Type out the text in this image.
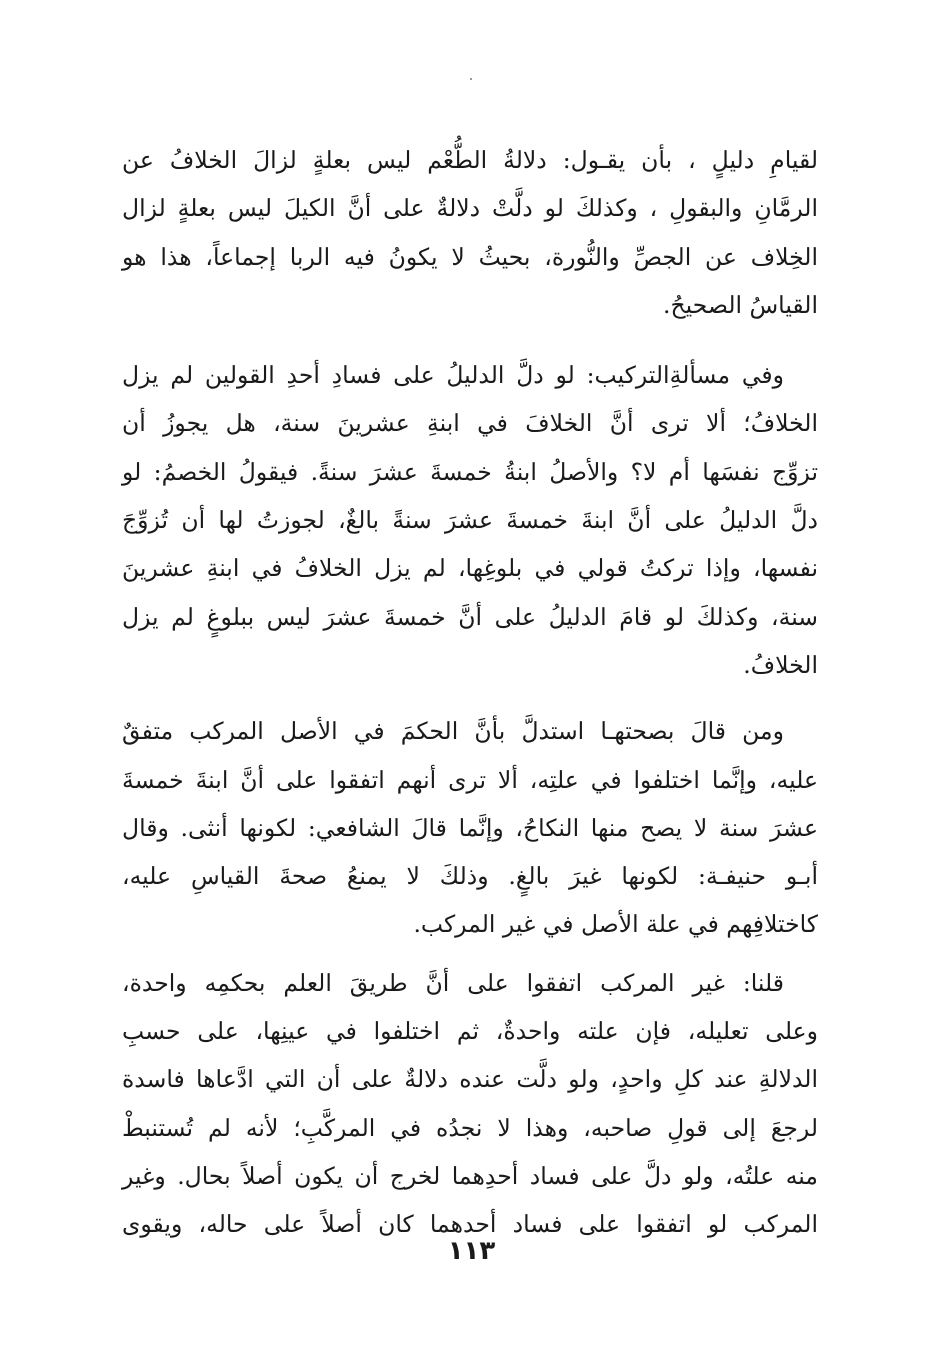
لقيامِ دليلٍ ، بأن يقـول: دلالةُ الطُّعْم ليس بعلةٍ لزالَ الخلافُ عن
الرمَّانِ والبقولِ ، وكذلكَ لو دلَّتْ دلالةٌ على أنَّ الكيلَ ليس بعلةٍ لزال
الخِلاف عن الجصِّ والنُّورة، بحيثُ لا يكونُ فيه الربا إجماعاً، هذا هو
القياسُ الصحيحُ.

وفي مسألةِالتركيب: لو دلَّ الدليلُ على فسادِ أحدِ القولين لم يزل
الخلافُ؛ ألا ترى أنَّ الخلافَ في ابنةِ عشرينَ سنة، هل يجوزُ أن
تزوِّج نفسَها أم لا؟ والأصلُ ابنةُ خمسةَ عشرَ سنةً. فيقولُ الخصمُ: لو
دلَّ الدليلُ على أنَّ ابنةَ خمسةَ عشرَ سنةً بالغٌ، لجوزتُ لها أن تُزوِّجَ
نفسها، وإذا تركتُ قولي في بلوغِها، لم يزل الخلافُ في ابنةِ عشرينَ
سنة، وكذلكَ لو قامَ الدليلُ على أنَّ خمسةَ عشرَ ليس ببلوغٍ لم يزل
الخلافُ.

ومن قالَ بصحتهـا استدلَّ بأنَّ الحكمَ في الأصل المركب متفقٌ
عليه، وإنَّما اختلفوا في علتِه، ألا ترى أنهم اتفقوا على أنَّ ابنةَ خمسةَ
عشرَ سنة لا يصح منها النكاحُ، وإنَّما قالَ الشافعي: لكونها أنثى. وقال
أبـو حنيفـة: لكونها غيرَ بالغٍ. وذلكَ لا يمنعُ صحةَ القياسِ عليه،
كاختلافِهم في علة الأصل في غير المركب.

قلنا: غير المركب اتفقوا على أنَّ طريقَ العلم بحكمِه واحدة،
وعلى تعليله، فإن علته واحدةٌ، ثم اختلفوا في عينِها، على حسبِ
الدلالةِ عند كلِ واحدٍ، ولو دلَّت عنده دلالةٌ على أن التي ادَّعاها فاسدة
لرجعَ إلى قولِ صاحبه، وهذا لا نجدُه في المركَّبِ؛ لأنه لم تُستنبطْ
منه علتُه، ولو دلَّ على فساد أحدِهما لخرج أن يكون أصلاً بحال. وغير
المركب لو اتفقوا على فساد أحدهما كان أصلاً على حاله، ويقوى

١١٣
